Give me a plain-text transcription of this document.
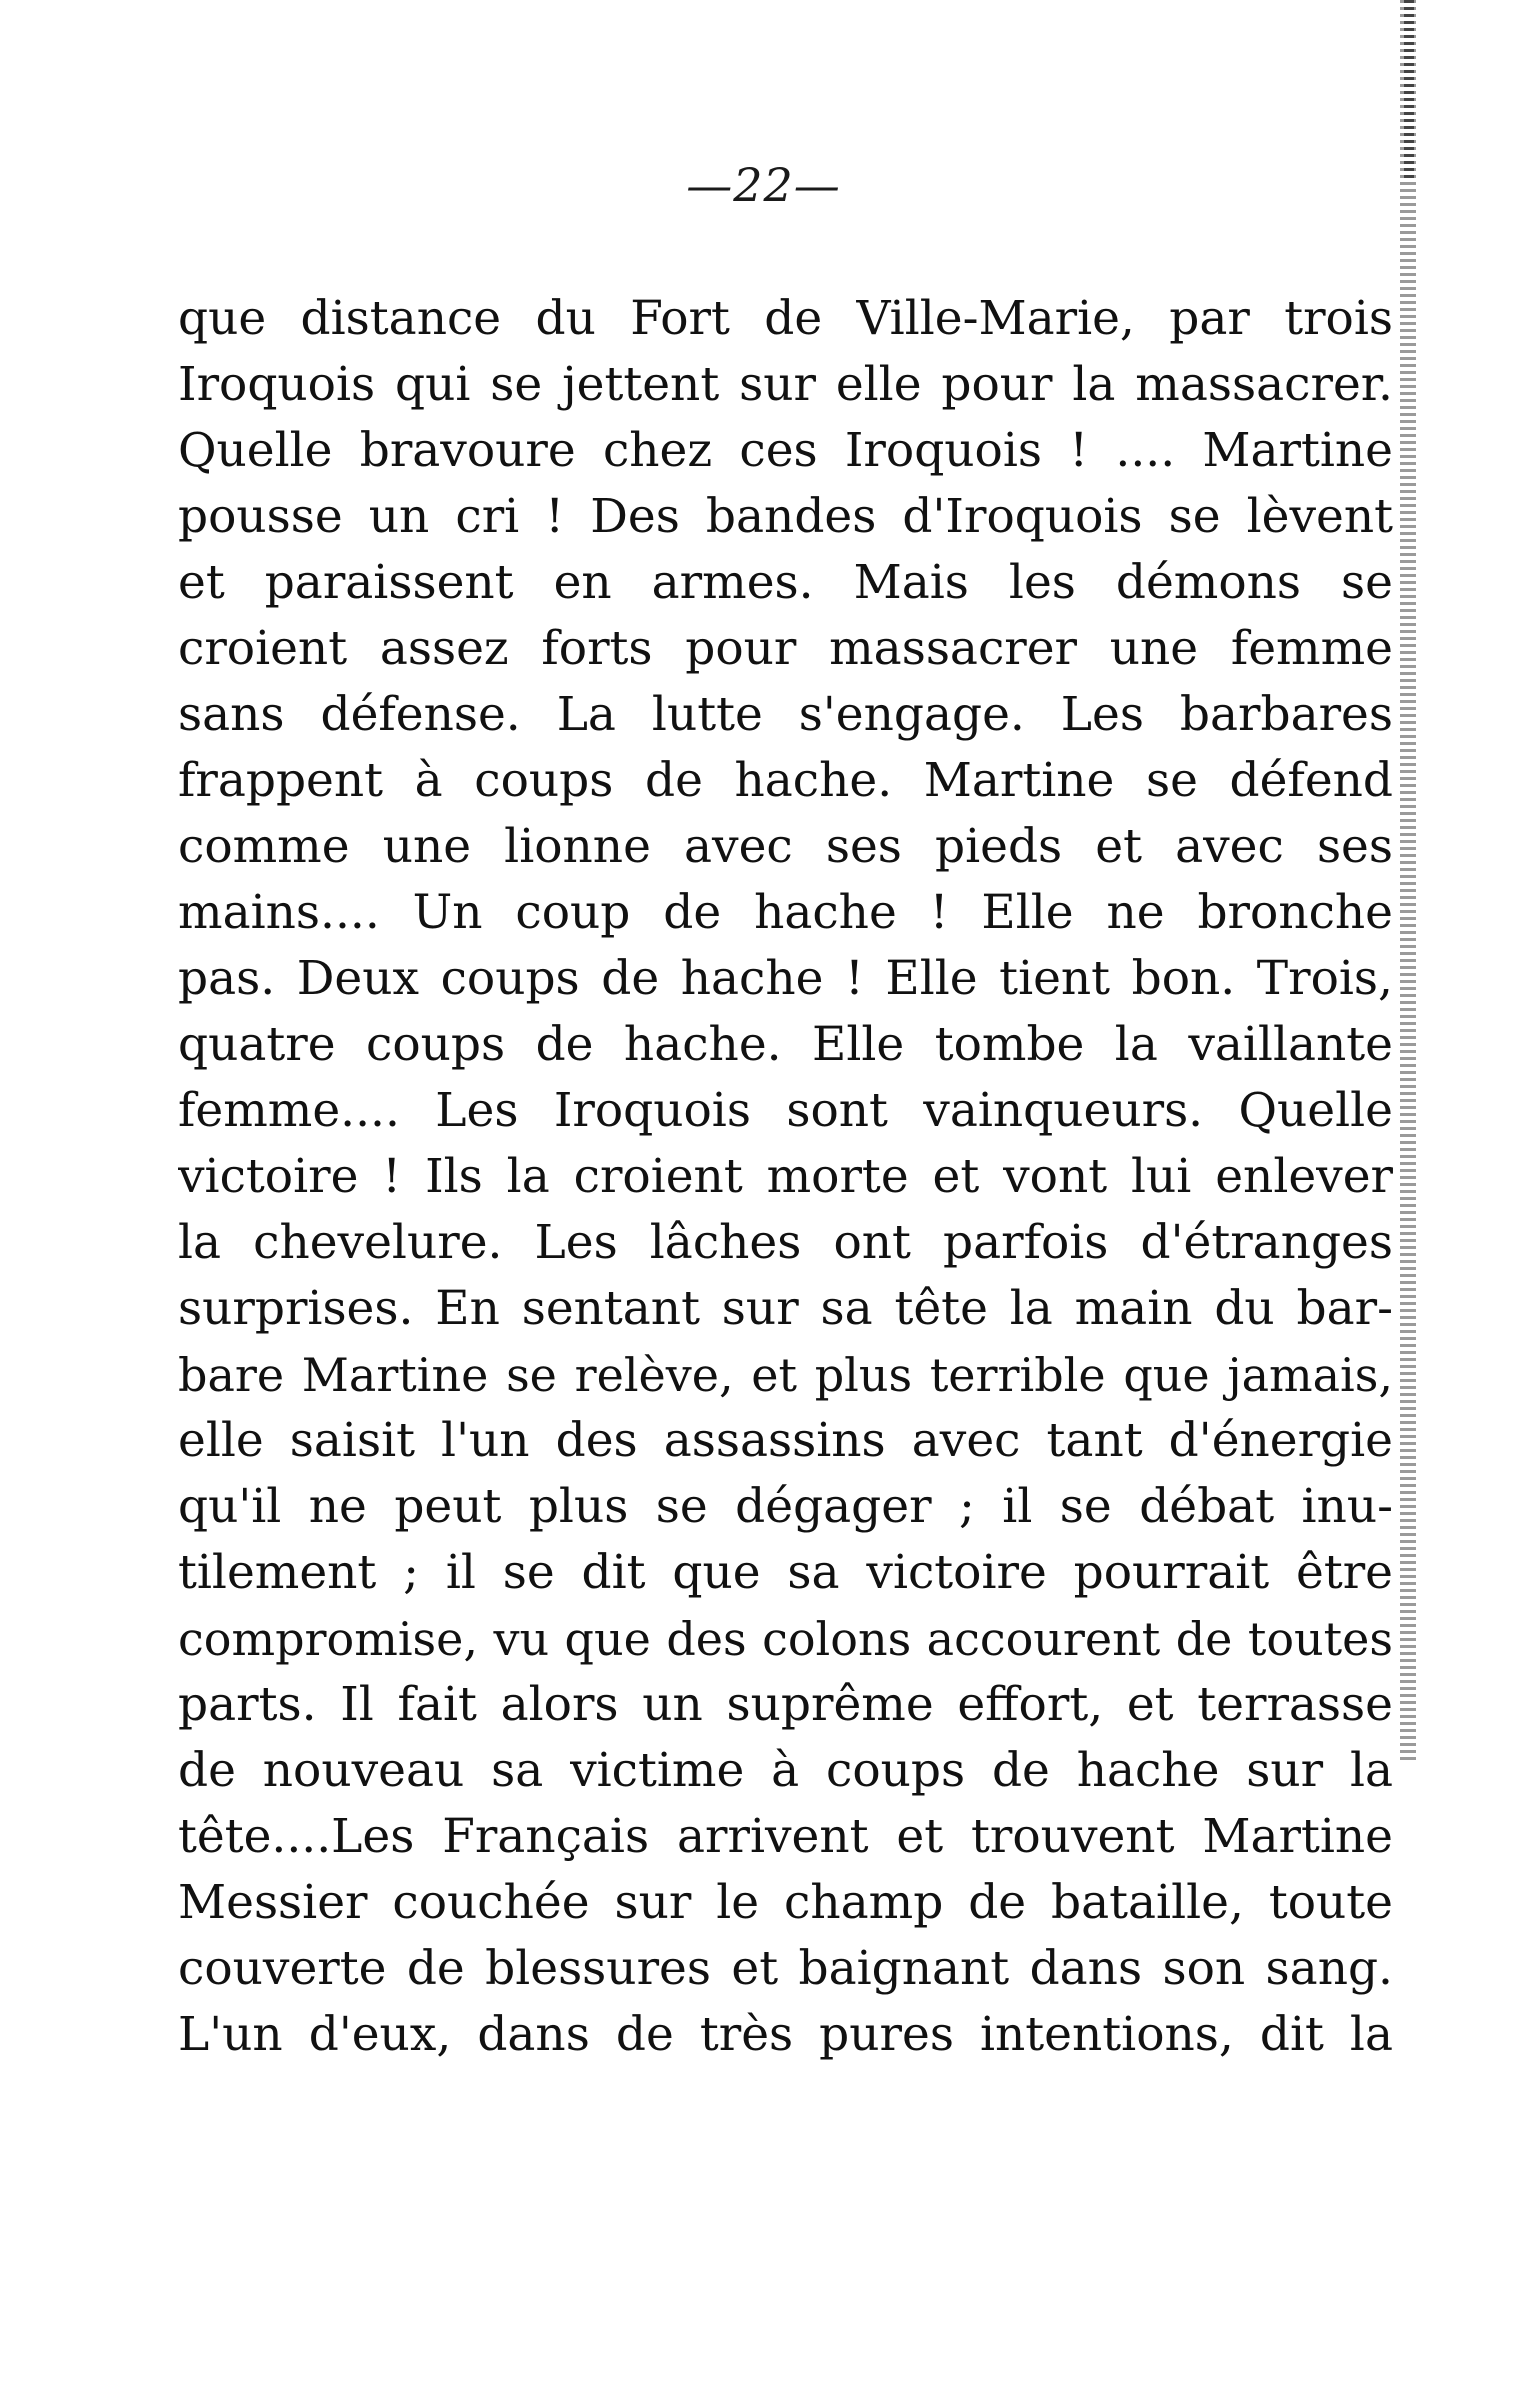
—22—
que distance du Fort de Ville-Marie, par trois
Iroquois qui se jettent sur elle pour la massacrer.
Quelle bravoure chez ces Iroquois ! .... Martine
pousse un cri ! Des bandes d'Iroquois se lèvent
et paraissent en armes. Mais les démons se
croient assez forts pour massacrer une femme
sans défense. La lutte s'engage. Les barbares
frappent à coups de hache. Martine se défend
comme une lionne avec ses pieds et avec ses
mains.... Un coup de hache ! Elle ne bronche
pas. Deux coups de hache ! Elle tient bon. Trois,
quatre coups de hache. Elle tombe la vaillante
femme.... Les Iroquois sont vainqueurs. Quelle
victoire ! Ils la croient morte et vont lui enlever
la chevelure. Les lâches ont parfois d'étranges
surprises. En sentant sur sa tête la main du bar-
bare Martine se relève, et plus terrible que jamais,
elle saisit l'un des assassins avec tant d'énergie
qu'il ne peut plus se dégager ; il se débat inu-
tilement ; il se dit que sa victoire pourrait être
compromise, vu que des colons accourent de toutes
parts. Il fait alors un suprême effort, et terrasse
de nouveau sa victime à coups de hache sur la
tête....Les Français arrivent et trouvent Martine
Messier couchée sur le champ de bataille, toute
couverte de blessures et baignant dans son sang.
L'un d'eux, dans de très pures intentions, dit la
